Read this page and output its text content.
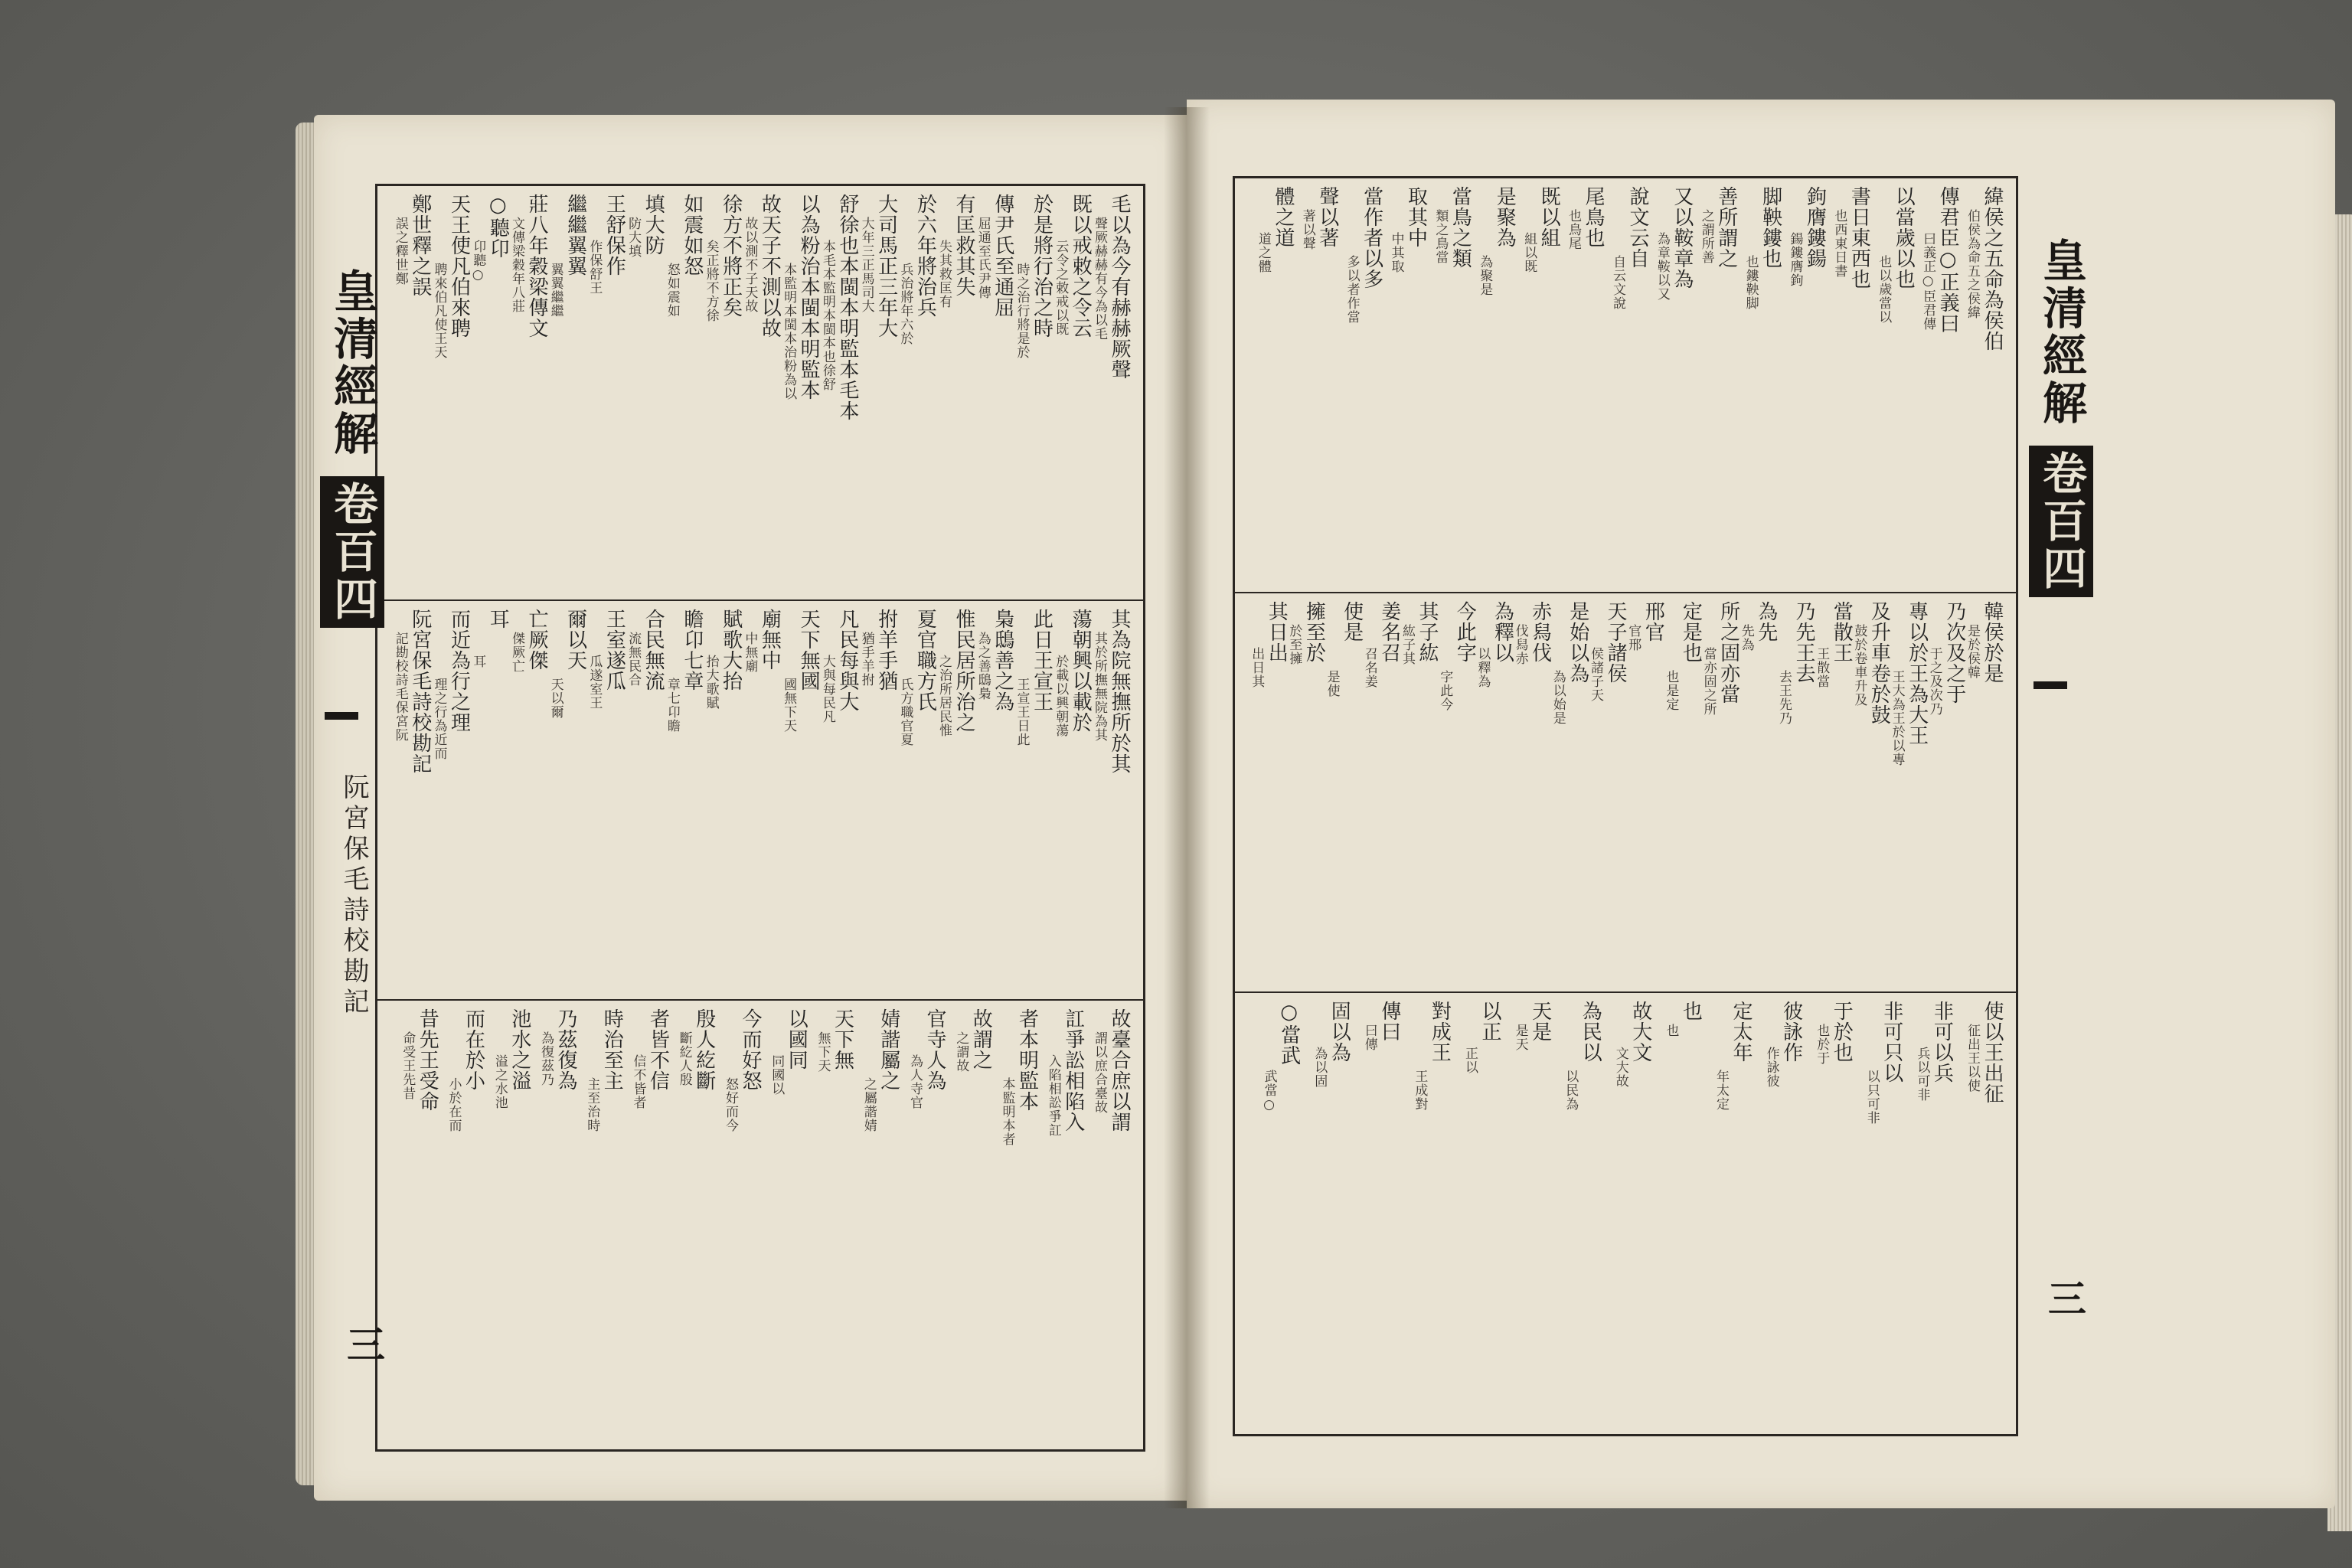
毛以為今有赫赫厥聲
聲厥赫赫有今為以毛
既以戒敕之令云
云令之敕戒以既
於是將行治之時
時之治行將是於
傳尹氏至通屈
屈通至氏尹傳
有匡救其失
失其救匡有
於六年將治兵
兵治將年六於
大司馬正三年大
大年三正馬司大
舒徐也本閩本明監本毛本
本毛本監明本閩本也徐舒
以為粉治本閩本明監本
本監明本閩本治粉為以
故天子不測以故
故以測不子天故
徐方不將正矣
矣正將不方徐
如震如怒
怒如震如
填大防
防大填
王舒保作
作保舒王
繼繼翼翼
翼翼繼繼
莊八年穀梁傳文
文傳梁穀年八莊
○聽卬
卬聽○
天王使凡伯來聘
聘來伯凡使王天
鄭世釋之誤
誤之釋世鄭
其為院無撫所於其
其於所撫無院為其
蕩朝興以載於
於載以興朝蕩
此日王宣王
王宣王日此
梟鴟善之為
為之善鴟梟
惟民居所治之
之治所居民惟
夏官職方氏
氏方職官夏
拊羊手猶
猶手羊拊
凡民每與大
大與每民凡
天下無國
國無下天
廟無中
中無廟
賦歌大抬
抬大歌賦
瞻卬七章
章七卬瞻
合民無流
流無民合
王室遂瓜
瓜遂室王
爾以天
天以爾
亡厥傑
傑厥亡
耳
耳
而近為行之理
理之行為近而
阮宮保毛詩校勘記
記勘校詩毛保宮阮
故臺合庶以謂
謂以庶合臺故
訌爭訟相陷入
入陷相訟爭訌
者本明監本
本監明本者
故謂之
之謂故
官寺人為
為人寺官
婧諧屬之
之屬諧婧
天下無
無下天
以國同
同國以
今而好怒
怒好而今
殷人紇斷
斷紇人殷
者皆不信
信不皆者
時治至主
主至治時
乃茲復為
為復茲乃
池水之溢
溢之水池
而在於小
小於在而
昔先王受命
命受王先昔
皇清經解 卷百四
阮宮保毛詩校勘記
三
緯侯之五命為侯伯
伯侯為命五之侯緯
傳君臣○正義曰
曰義正○臣君傳
以當歲以也
也以歲當以
書日東西也
也西東日書
鉤膺鏤鍚
鍚鏤膺鉤
脚鞅鏤也
也鏤鞅脚
善所謂之
之謂所善
又以鞍章為
為章鞍以又
說文云自
自云文說
尾鳥也
也鳥尾
既以組
組以既
是聚為
為聚是
當鳥之類
類之鳥當
取其中
中其取
當作者以多
多以者作當
聲以著
著以聲
體之道
道之體
韓侯於是
是於侯韓
乃次及之于
于之及次乃
專以於王為大王
王大為王於以專
及升車卷於鼓
鼓於卷車升及
當散王
王散當
乃先王去
去王先乃
為先
先為
所之固亦當
當亦固之所
定是也
也是定
邢官
官邢
天子諸侯
侯諸子天
是始以為
為以始是
赤舄伐
伐舄赤
為釋以
以釋為
今此字
字此今
其子紘
紘子其
姜名召
召名姜
使是
是使
擁至於
於至擁
其日出
出日其
使以王出征
征出王以使
非可以兵
兵以可非
非可只以
以只可非
于於也
也於于
彼詠作
作詠彼
定太年
年太定
也
也
故大文
文大故
為民以
以民為
天是
是天
以正
正以
對成王
王成對
傳曰
曰傳
固以為
為以固
○當武
武當○
皇清經解 卷百四
三
